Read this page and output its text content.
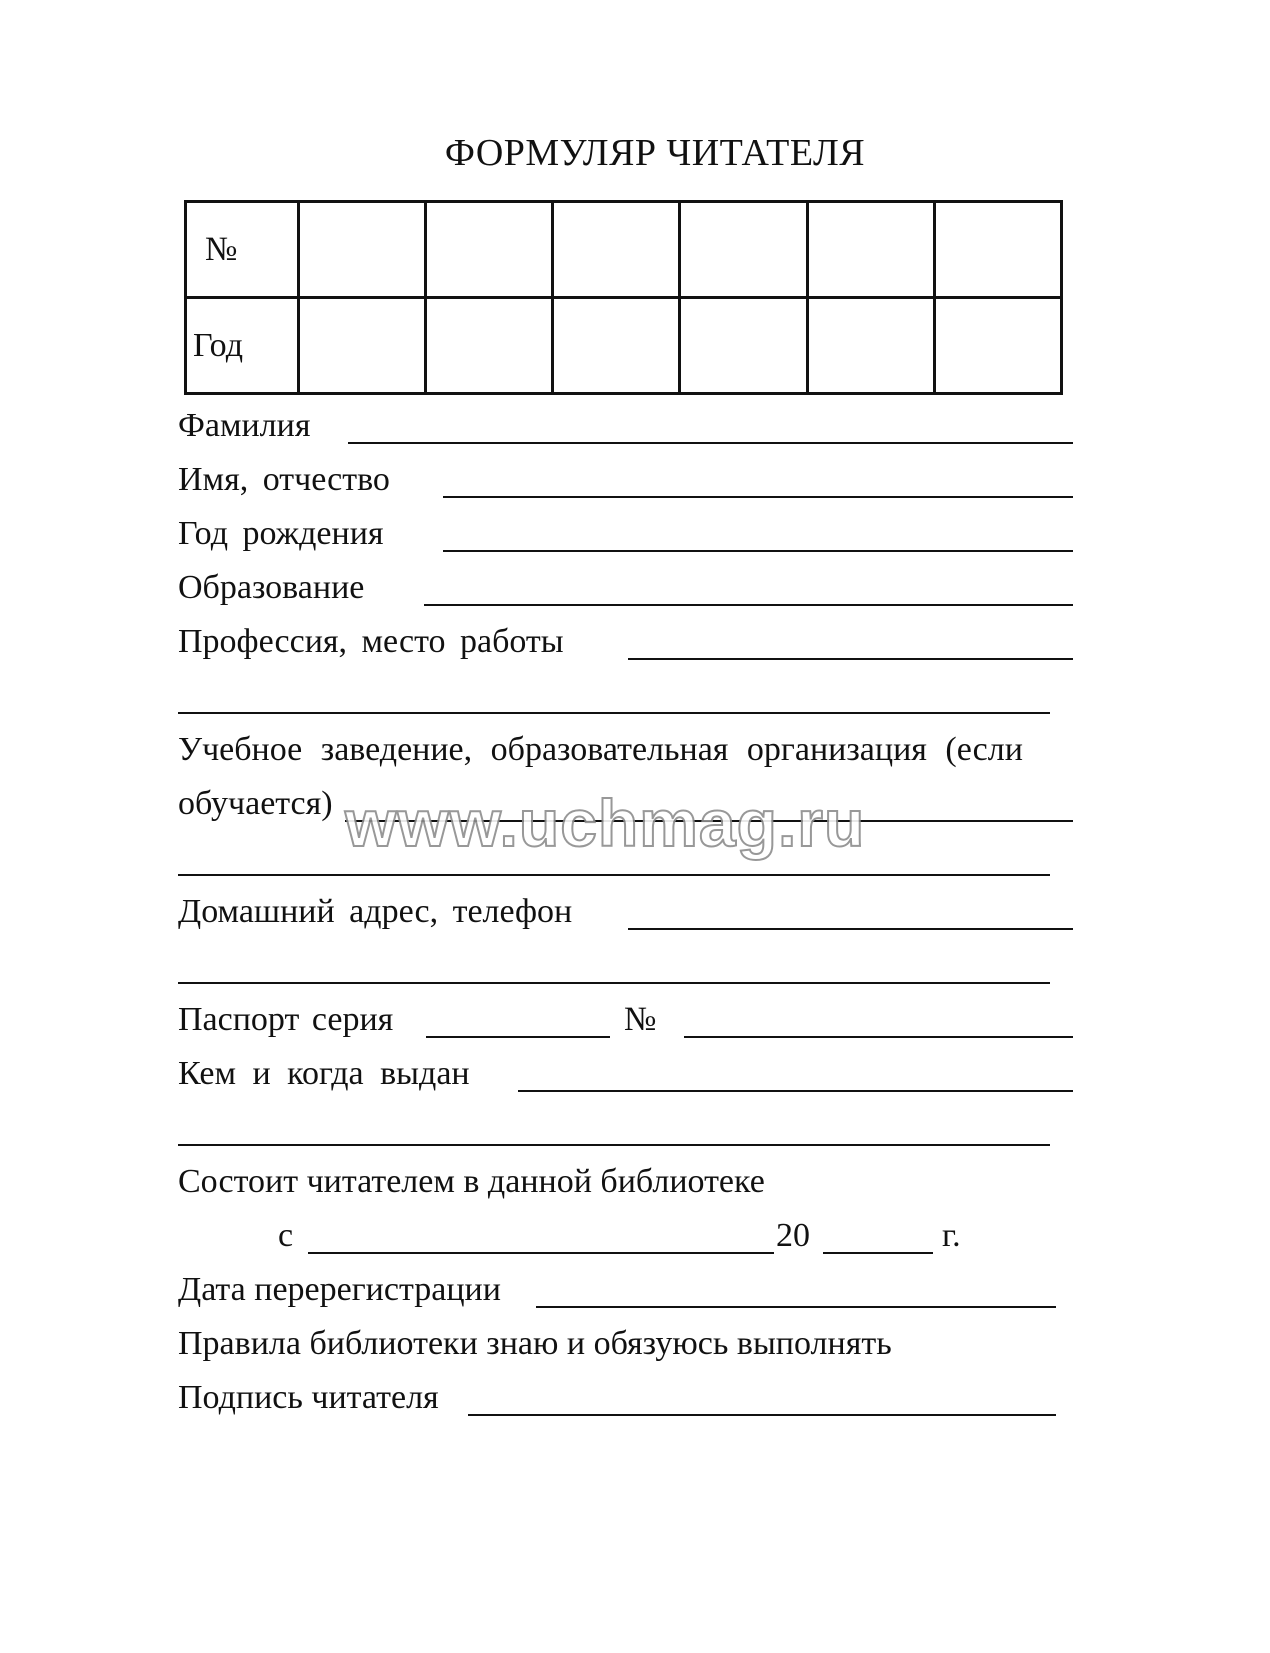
ФОРМУЛЯР ЧИТАТЕЛЯ
№						
Год						
Фамилия
Имя, отчество
Год рождения
Образование
Профессия, место работы
Учебное заведение, образовательная организация (если
обучается)
Домашний адрес, телефон
Паспорт серия	№
Кем и когда выдан
Состоит читателем в данной библиотеке
с	20	г.
Дата перерегистрации
Правила библиотеки знаю и обязуюсь выполнять
Подпись читателя
www.uchmag.ru
